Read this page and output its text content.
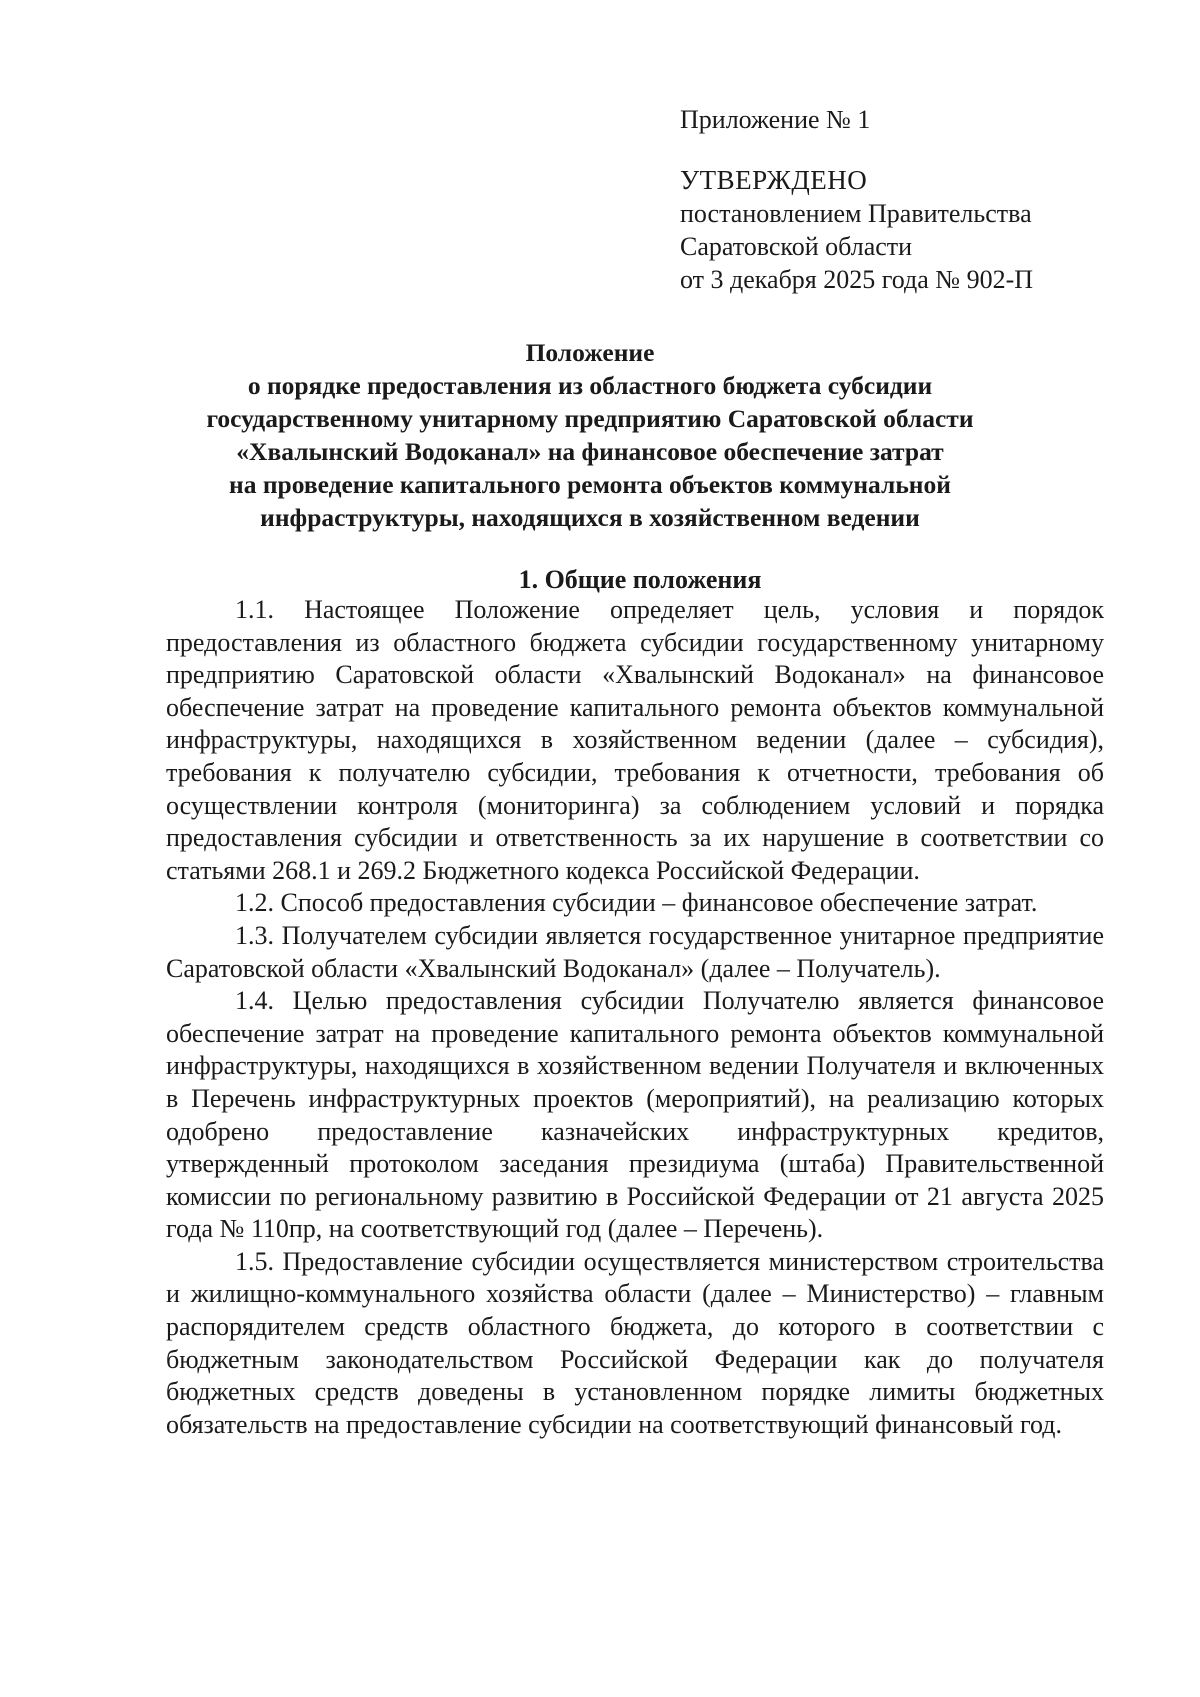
Приложение № 1
УТВЕРЖДЕНО
постановлением Правительства
Саратовской области
от 3 декабря 2025 года № 902-П
Положение
о порядке предоставления из областного бюджета субсидии
государственному унитарному предприятию Саратовской области
«Хвалынский Водоканал» на финансовое обеспечение затрат
на проведение капитального ремонта объектов коммунальной
инфраструктуры, находящихся в хозяйственном ведении
1. Общие положения

1.1. Настоящее Положение определяет цель, условия и порядок предоставления из областного бюджета субсидии государственному унитарному предприятию Саратовской области «Хвалынский Водоканал» на финансовое обеспечение затрат на проведение капитального ремонта объектов коммунальной инфраструктуры, находящихся в хозяйственном ведении (далее – субсидия), требования к получателю субсидии, требования к отчетности, требования об осуществлении контроля (мониторинга) за соблюдением условий и порядка предоставления субсидии и ответственность за их нарушение в соответствии со статьями 268.1 и 269.2 Бюджетного кодекса Российской Федерации.

1.2. Способ предоставления субсидии – финансовое обеспечение затрат.

1.3. Получателем субсидии является государственное унитарное предприятие Саратовской области «Хвалынский Водоканал» (далее – Получатель).

1.4. Целью предоставления субсидии Получателю является финансовое обеспечение затрат на проведение капитального ремонта объектов коммунальной инфраструктуры, находящихся в хозяйственном ведении Получателя и включенных в Перечень инфраструктурных проектов (мероприятий), на реализацию которых одобрено предоставление казначейских инфраструктурных кредитов, утвержденный протоколом заседания президиума (штаба) Правительственной комиссии по региональному развитию в Российской Федерации от 21 августа 2025 года № 110пр, на соответствующий год (далее – Перечень).

1.5. Предоставление субсидии осуществляется министерством строительства и жилищно-коммунального хозяйства области (далее – Министерство) – главным распорядителем средств областного бюджета, до которого в соответствии с бюджетным законодательством Российской Федерации как до получателя бюджетных средств доведены в установленном порядке лимиты бюджетных обязательств на предоставление субсидии на соответствующий финансовый год.
